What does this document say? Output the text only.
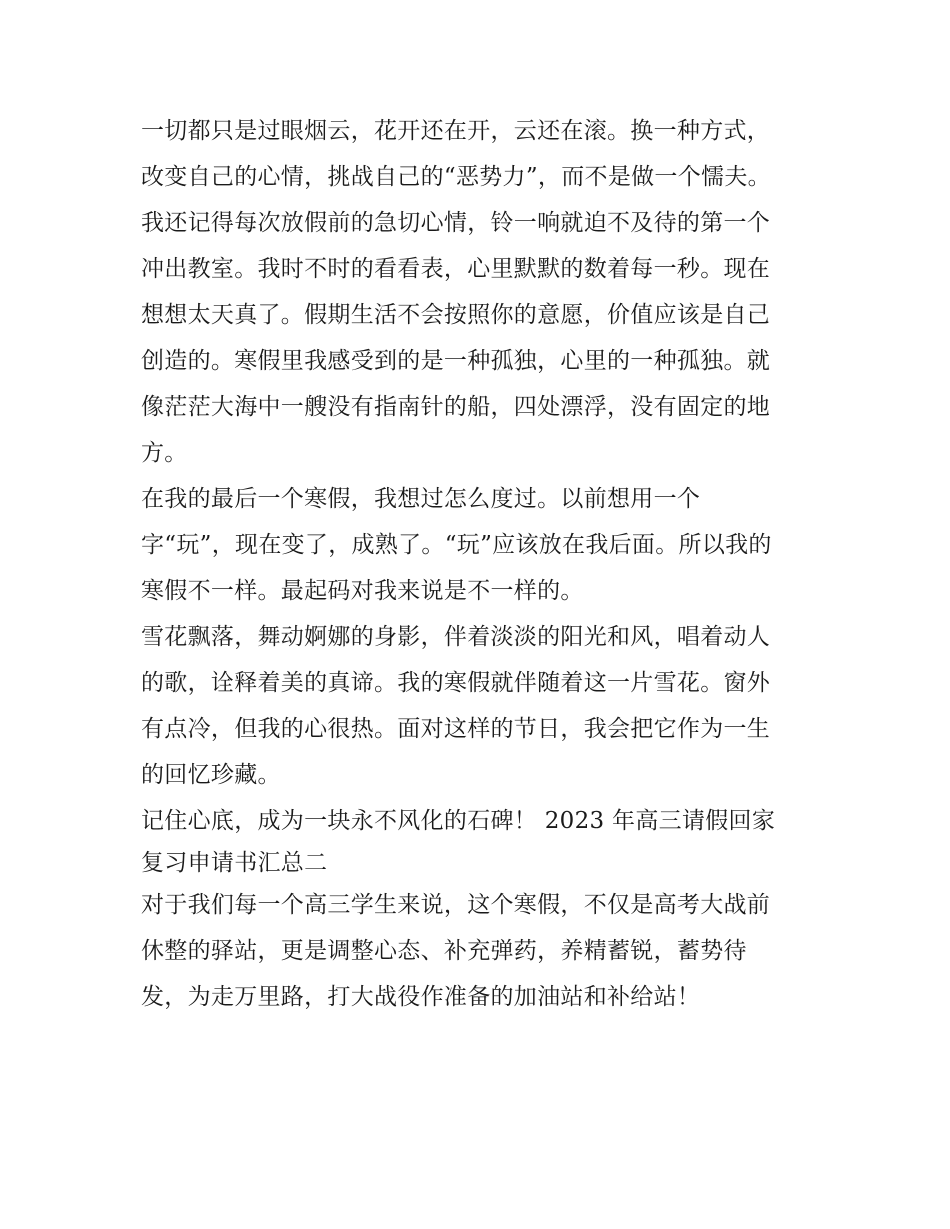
一切都只是过眼烟云，花开还在开，云还在滚。换一种方式，
改变自己的心情，挑战自己的“恶势力”，而不是做一个懦夫。
我还记得每次放假前的急切心情，铃一响就迫不及待的第一个
冲出教室。我时不时的看看表，心里默默的数着每一秒。现在
想想太天真了。假期生活不会按照你的意愿，价值应该是自己
创造的。寒假里我感受到的是一种孤独，心里的一种孤独。就
像茫茫大海中一艘没有指南针的船，四处漂浮，没有固定的地
方。
在我的最后一个寒假，我想过怎么度过。以前想用一个
字“玩”，现在变了，成熟了。“玩”应该放在我后面。所以我的
寒假不一样。最起码对我来说是不一样的。
雪花飘落，舞动婀娜的身影，伴着淡淡的阳光和风，唱着动人
的歌，诠释着美的真谛。我的寒假就伴随着这一片雪花。窗外
有点冷，但我的心很热。面对这样的节日，我会把它作为一生
的回忆珍藏。
记住心底，成为一块永不风化的石碑！ 2023 年高三请假回家
复习申请书汇总二
对于我们每一个高三学生来说，这个寒假，不仅是高考大战前
休整的驿站，更是调整心态、补充弹药，养精蓄锐，蓄势待
发，为走万里路，打大战役作准备的加油站和补给站！
